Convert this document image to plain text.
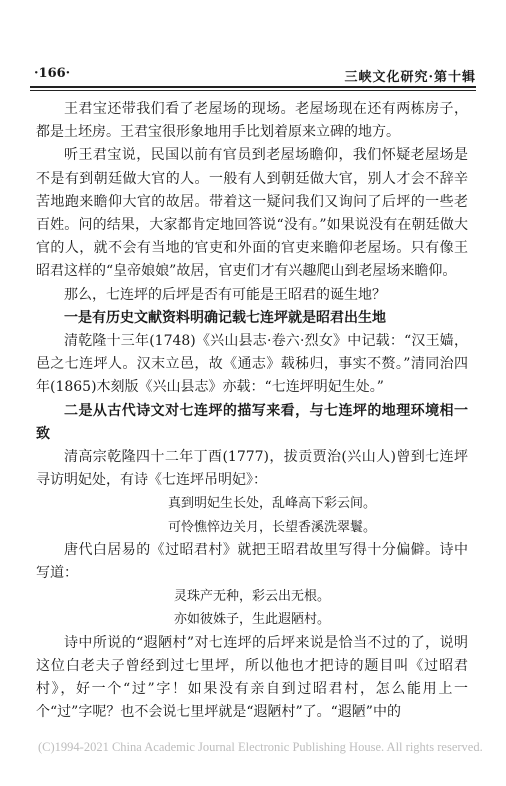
·166·	三峡文化研究·第十辑

王君宝还带我们看了老屋场的现场。老屋场现在还有两栋房子，都是土坯房。王君宝很形象地用手比划着原来立碑的地方。

听王君宝说，民国以前有官员到老屋场瞻仰，我们怀疑老屋场是不是有到朝廷做大官的人。一般有人到朝廷做大官，别人才会不辞辛苦地跑来瞻仰大官的故居。带着这一疑问我们又询问了后坪的一些老百姓。问的结果，大家都肯定地回答说“没有。”如果说没有在朝廷做大官的人，就不会有当地的官吏和外面的官吏来瞻仰老屋场。只有像王昭君这样的“皇帝娘娘”故居，官吏们才有兴趣爬山到老屋场来瞻仰。

那么，七连坪的后坪是否有可能是王昭君的诞生地？

一是有历史文献资料明确记载七连坪就是昭君出生地

清乾隆十三年(1748)《兴山县志·卷六·烈女》中记载：“汉王嫱，邑之七连坪人。汉末立邑，故《通志》载秭归，事实不赘。”清同治四年(1865)木刻版《兴山县志》亦载：“七连坪明妃生处。”

二是从古代诗文对七连坪的描写来看，与七连坪的地理环境相一致

清高宗乾隆四十二年丁酉(1777)，拔贡贾治(兴山人)曾到七连坪寻访明妃处，有诗《七连坪吊明妃》：

真到明妃生长处，乱峰高下彩云间。
可怜憔悴边关月，长望香溪洗翠鬟。

唐代白居易的《过昭君村》就把王昭君故里写得十分偏僻。诗中写道：

灵珠产无种，彩云出无根。
亦如彼姝子，生此遐陋村。

诗中所说的“遐陋村”对七连坪的后坪来说是恰当不过的了，说明这位白老夫子曾经到过七里坪，所以他也才把诗的题目叫《过昭君村》，好一个“过”字！如果没有亲自到过昭君村，怎么能用上一个“过”字呢？也不会说七里坪就是“遐陋村”了。“遐陋”中的

(C)1994-2021 China Academic Journal Electronic Publishing House. All rights reserved.
